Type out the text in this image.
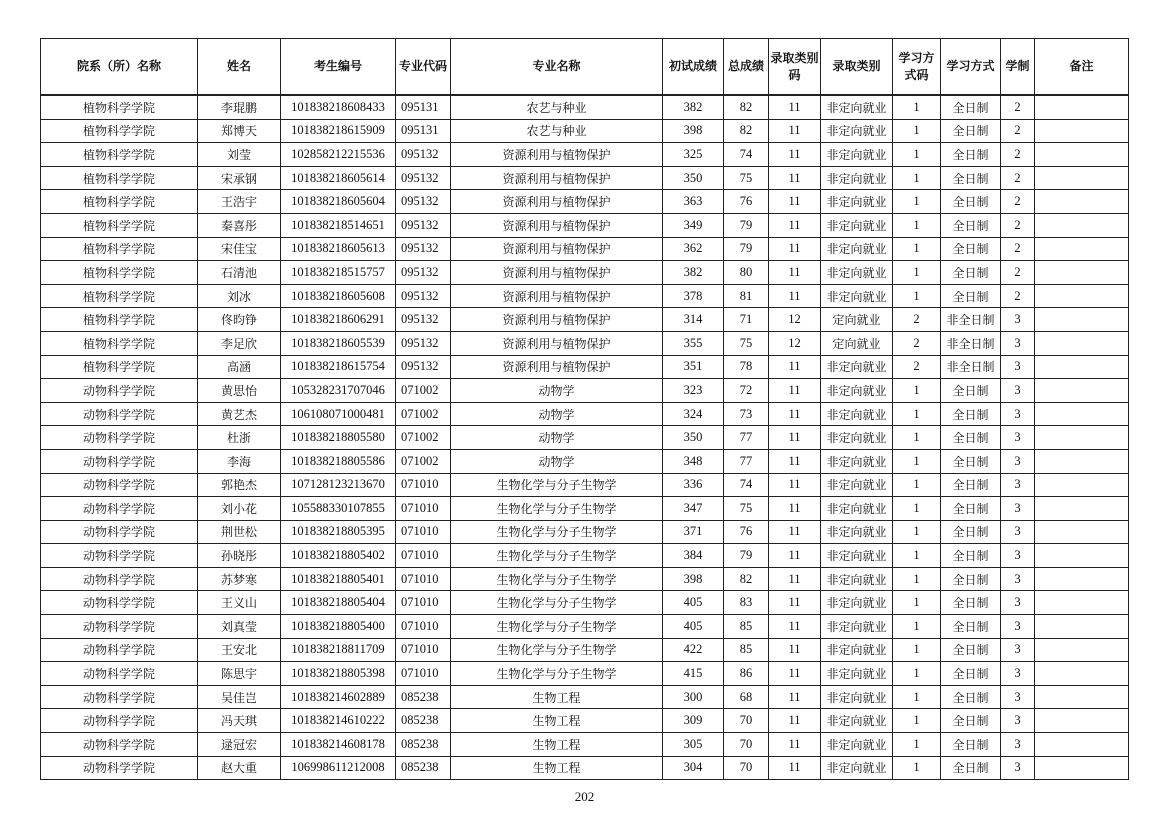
院系（所）名称	姓名	考生编号	专业代码	专业名称	初试成绩	总成绩	录取类别码	录取类别	学习方式码	学习方式	学制	备注
植物科学学院	李琨鹏	101838218608433	095131	农艺与种业	382	82	11	非定向就业	1	全日制	2	
植物科学学院	郑博天	101838218615909	095131	农艺与种业	398	82	11	非定向就业	1	全日制	2	
植物科学学院	刘莹	102858212215536	095132	资源利用与植物保护	325	74	11	非定向就业	1	全日制	2	
植物科学学院	宋承钢	101838218605614	095132	资源利用与植物保护	350	75	11	非定向就业	1	全日制	2	
植物科学学院	王浩宇	101838218605604	095132	资源利用与植物保护	363	76	11	非定向就业	1	全日制	2	
植物科学学院	秦喜彤	101838218514651	095132	资源利用与植物保护	349	79	11	非定向就业	1	全日制	2	
植物科学学院	宋佳宝	101838218605613	095132	资源利用与植物保护	362	79	11	非定向就业	1	全日制	2	
植物科学学院	石清池	101838218515757	095132	资源利用与植物保护	382	80	11	非定向就业	1	全日制	2	
植物科学学院	刘冰	101838218605608	095132	资源利用与植物保护	378	81	11	非定向就业	1	全日制	2	
植物科学学院	佟昀铮	101838218606291	095132	资源利用与植物保护	314	71	12	定向就业	2	非全日制	3	
植物科学学院	李足欣	101838218605539	095132	资源利用与植物保护	355	75	12	定向就业	2	非全日制	3	
植物科学学院	高涵	101838218615754	095132	资源利用与植物保护	351	78	11	非定向就业	2	非全日制	3	
动物科学学院	黄思怡	105328231707046	071002	动物学	323	72	11	非定向就业	1	全日制	3	
动物科学学院	黄艺杰	106108071000481	071002	动物学	324	73	11	非定向就业	1	全日制	3	
动物科学学院	杜浙	101838218805580	071002	动物学	350	77	11	非定向就业	1	全日制	3	
动物科学学院	李海	101838218805586	071002	动物学	348	77	11	非定向就业	1	全日制	3	
动物科学学院	郭艳杰	107128123213670	071010	生物化学与分子生物学	336	74	11	非定向就业	1	全日制	3	
动物科学学院	刘小花	105588330107855	071010	生物化学与分子生物学	347	75	11	非定向就业	1	全日制	3	
动物科学学院	荆世松	101838218805395	071010	生物化学与分子生物学	371	76	11	非定向就业	1	全日制	3	
动物科学学院	孙晓彤	101838218805402	071010	生物化学与分子生物学	384	79	11	非定向就业	1	全日制	3	
动物科学学院	苏梦寒	101838218805401	071010	生物化学与分子生物学	398	82	11	非定向就业	1	全日制	3	
动物科学学院	王义山	101838218805404	071010	生物化学与分子生物学	405	83	11	非定向就业	1	全日制	3	
动物科学学院	刘真莹	101838218805400	071010	生物化学与分子生物学	405	85	11	非定向就业	1	全日制	3	
动物科学学院	王安北	101838218811709	071010	生物化学与分子生物学	422	85	11	非定向就业	1	全日制	3	
动物科学学院	陈思宇	101838218805398	071010	生物化学与分子生物学	415	86	11	非定向就业	1	全日制	3	
动物科学学院	吴佳岂	101838214602889	085238	生物工程	300	68	11	非定向就业	1	全日制	3	
动物科学学院	冯天琪	101838214610222	085238	生物工程	309	70	11	非定向就业	1	全日制	3	
动物科学学院	逯冠宏	101838214608178	085238	生物工程	305	70	11	非定向就业	1	全日制	3	
动物科学学院	赵大重	106998611212008	085238	生物工程	304	70	11	非定向就业	1	全日制	3	
202
